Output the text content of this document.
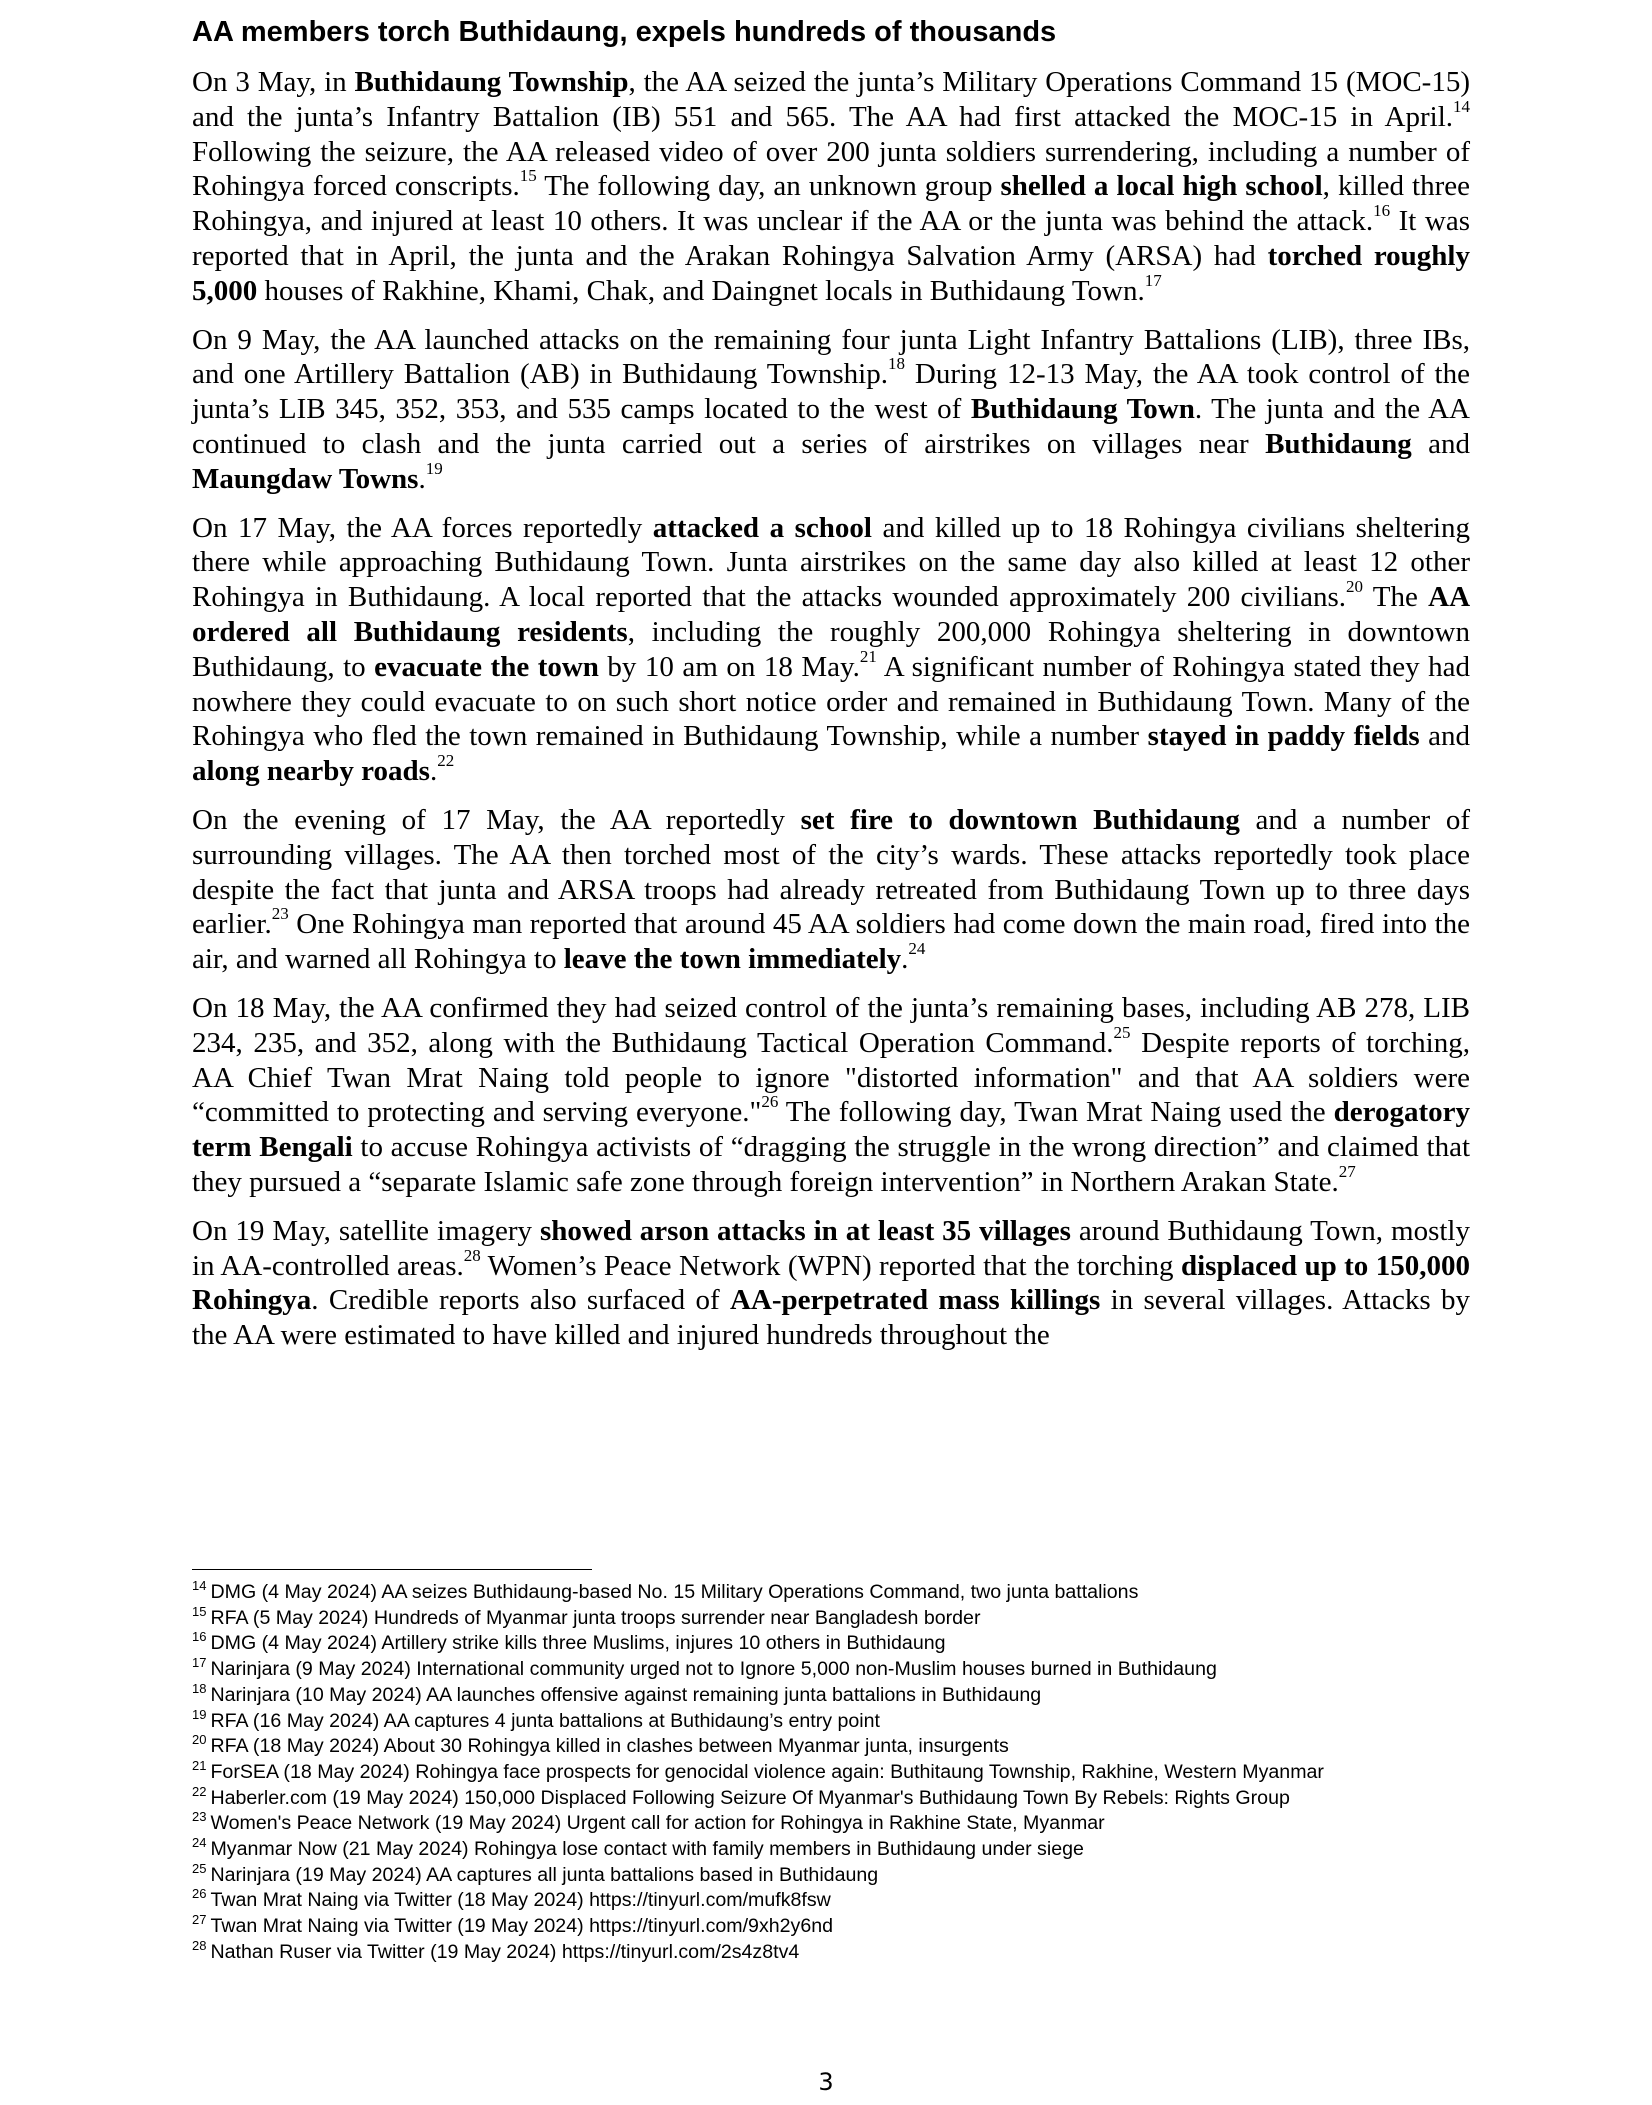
AA members torch Buthidaung, expels hundreds of thousands

On 3 May, in Buthidaung Township, the AA seized the junta’s Military Operations Command 15 (MOC-15) and the junta’s Infantry Battalion (IB) 551 and 565. The AA had first attacked the MOC-15 in April.$^{14}$ Following the seizure, the AA released video of over 200 junta soldiers surrendering, including a number of Rohingya forced conscripts.$^{15}$ The following day, an unknown group shelled a local high school, killed three Rohingya, and injured at least 10 others. It was unclear if the AA or the junta was behind the attack.$^{16}$ It was reported that in April, the junta and the Arakan Rohingya Salvation Army (ARSA) had torched roughly 5,000 houses of Rakhine, Khami, Chak, and Daingnet locals in Buthidaung Town.$^{17}$

On 9 May, the AA launched attacks on the remaining four junta Light Infantry Battalions (LIB), three IBs, and one Artillery Battalion (AB) in Buthidaung Township.$^{18}$ During 12-13 May, the AA took control of the junta’s LIB 345, 352, 353, and 535 camps located to the west of Buthidaung Town. The junta and the AA continued to clash and the junta carried out a series of airstrikes on villages near Buthidaung and Maungdaw Towns.$^{19}$

On 17 May, the AA forces reportedly attacked a school and killed up to 18 Rohingya civilians sheltering there while approaching Buthidaung Town. Junta airstrikes on the same day also killed at least 12 other Rohingya in Buthidaung. A local reported that the attacks wounded approximately 200 civilians.$^{20}$ The AA ordered all Buthidaung residents, including the roughly 200,000 Rohingya sheltering in downtown Buthidaung, to evacuate the town by 10 am on 18 May.$^{21}$ A significant number of Rohingya stated they had nowhere they could evacuate to on such short notice order and remained in Buthidaung Town. Many of the Rohingya who fled the town remained in Buthidaung Township, while a number stayed in paddy fields and along nearby roads.$^{22}$

On the evening of 17 May, the AA reportedly set fire to downtown Buthidaung and a number of surrounding villages. The AA then torched most of the city’s wards. These attacks reportedly took place despite the fact that junta and ARSA troops had already retreated from Buthidaung Town up to three days earlier.$^{23}$ One Rohingya man reported that around 45 AA soldiers had come down the main road, fired into the air, and warned all Rohingya to leave the town immediately.$^{24}$

On 18 May, the AA confirmed they had seized control of the junta’s remaining bases, including AB 278, LIB 234, 235, and 352, along with the Buthidaung Tactical Operation Command.$^{25}$ Despite reports of torching, AA Chief Twan Mrat Naing told people to ignore "distorted information" and that AA soldiers were “committed to protecting and serving everyone."$^{26}$ The following day, Twan Mrat Naing used the derogatory term Bengali to accuse Rohingya activists of “dragging the struggle in the wrong direction” and claimed that they pursued a “separate Islamic safe zone through foreign intervention” in Northern Arakan State.$^{27}$

On 19 May, satellite imagery showed arson attacks in at least 35 villages around Buthidaung Town, mostly in AA-controlled areas.$^{28}$ Women’s Peace Network (WPN) reported that the torching displaced up to 150,000 Rohingya. Credible reports also surfaced of AA-perpetrated mass killings in several villages. Attacks by the AA were estimated to have killed and injured hundreds throughout the

$^{14}$ DMG (4 May 2024) AA seizes Buthidaung-based No. 15 Military Operations Command, two junta battalions

$^{15}$ RFA (5 May 2024) Hundreds of Myanmar junta troops surrender near Bangladesh border

$^{16}$ DMG (4 May 2024) Artillery strike kills three Muslims, injures 10 others in Buthidaung

$^{17}$ Narinjara (9 May 2024) International community urged not to Ignore 5,000 non-Muslim houses burned in Buthidaung

$^{18}$ Narinjara (10 May 2024) AA launches offensive against remaining junta battalions in Buthidaung

$^{19}$ RFA (16 May 2024) AA captures 4 junta battalions at Buthidaung’s entry point

$^{20}$ RFA (18 May 2024) About 30 Rohingya killed in clashes between Myanmar junta, insurgents

$^{21}$ ForSEA (18 May 2024) Rohingya face prospects for genocidal violence again: Buthitaung Township, Rakhine, Western Myanmar

$^{22}$ Haberler.com (19 May 2024) 150,000 Displaced Following Seizure Of Myanmar's Buthidaung Town By Rebels: Rights Group

$^{23}$ Women's Peace Network (19 May 2024) Urgent call for action for Rohingya in Rakhine State, Myanmar

$^{24}$ Myanmar Now (21 May 2024) Rohingya lose contact with family members in Buthidaung under siege

$^{25}$ Narinjara (19 May 2024) AA captures all junta battalions based in Buthidaung

$^{26}$ Twan Mrat Naing via Twitter (18 May 2024) https://tinyurl.com/mufk8fsw

$^{27}$ Twan Mrat Naing via Twitter (19 May 2024) https://tinyurl.com/9xh2y6nd

$^{28}$ Nathan Ruser via Twitter (19 May 2024) https://tinyurl.com/2s4z8tv4

3
